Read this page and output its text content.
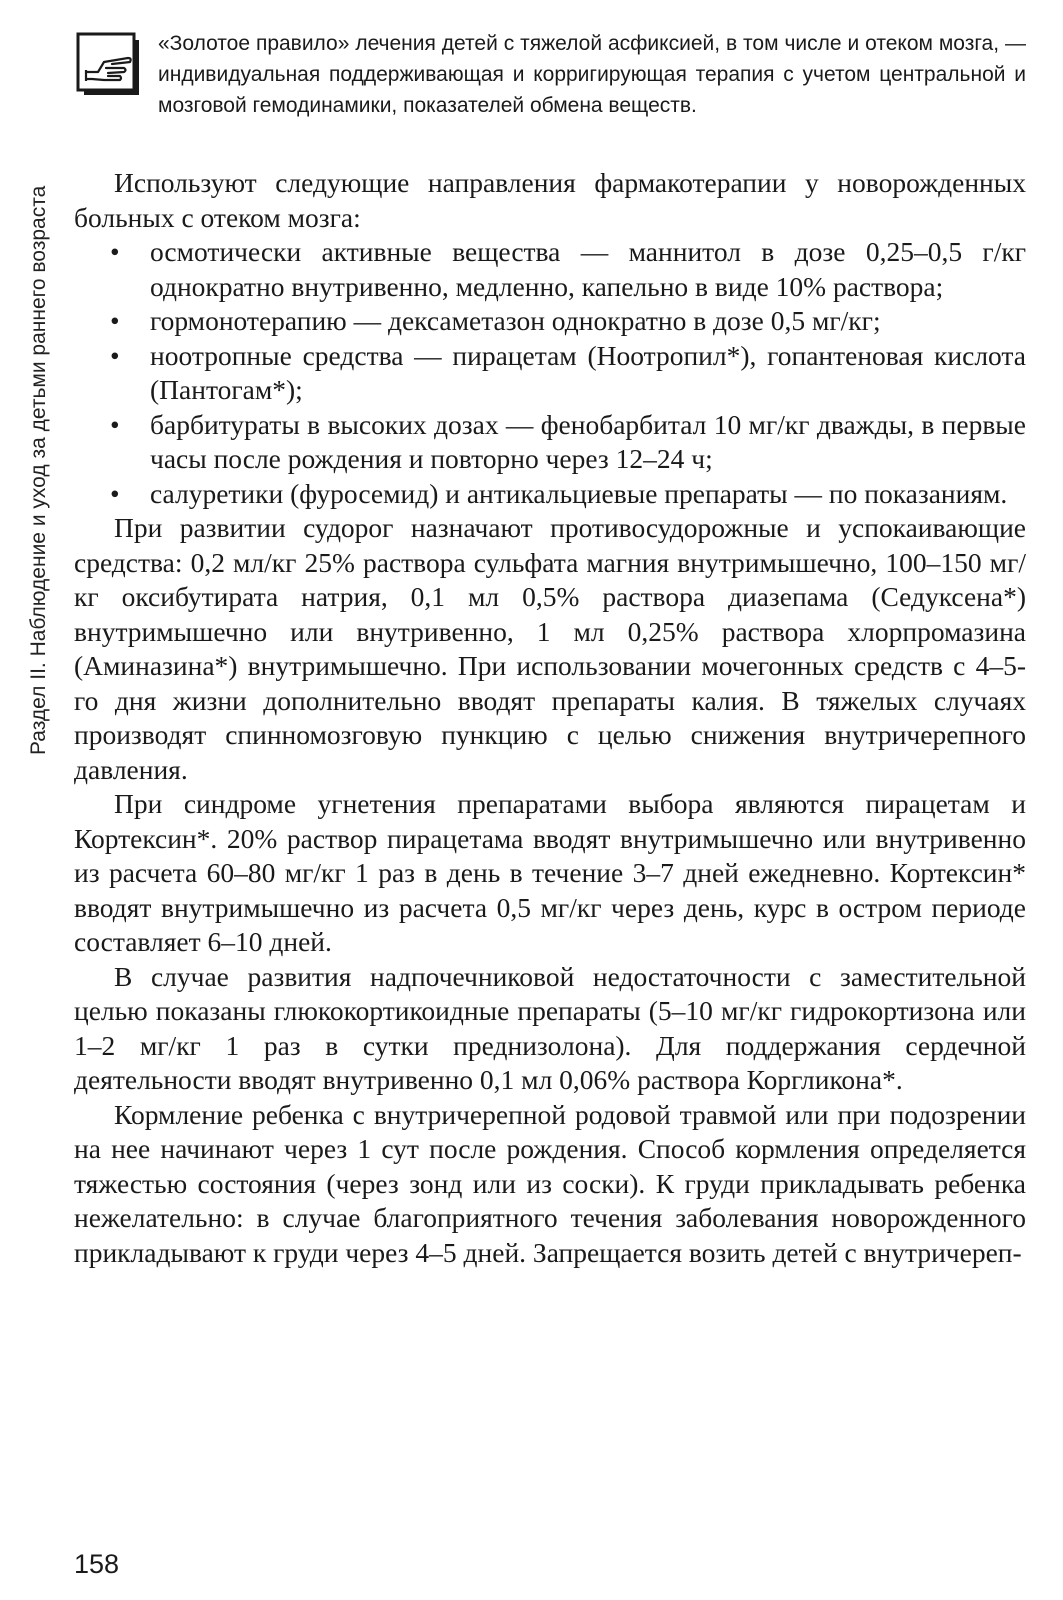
Раздел II. Наблюдение и уход за детьми раннего возраста
«Золотое правило» лечения детей с тяжелой асфиксией, в том числе и отеком мозга, — индивидуальная поддерживающая и корригирующая терапия с учетом центральной и мозговой гемодинамики, показателей обмена веществ.

Используют следующие направления фармакотерапии у новорожденных больных с отеком мозга:

• осмотически активные вещества — маннитол в дозе 0,25–0,5 г/кг однократно внутривенно, медленно, капельно в виде 10% раствора;
• гормонотерапию — дексаметазон однократно в дозе 0,5 мг/кг;
• ноотропные средства — пирацетам (Ноотропил*), гопантеновая кислота (Пантогам*);
• барбитураты в высоких дозах — фенобарбитал 10 мг/кг дважды, в первые часы после рождения и повторно через 12–24 ч;
• салуретики (фуросемид) и антикальциевые препараты — по показаниям.

При развитии судорог назначают противосудорожные и успокаивающие средства: 0,2 мл/кг 25% раствора сульфата магния внутримышечно, 100–150 мг/кг оксибутирата натрия, 0,1 мл 0,5% раствора диазепама (Седуксена*) внутримышечно или внутривенно, 1 мл 0,25% раствора хлорпромазина (Аминазина*) внутримышечно. При использовании мочегонных средств с 4–5-го дня жизни дополнительно вводят препараты калия. В тяжелых случаях производят спинномозговую пункцию с целью снижения внутричерепного давления.

При синдроме угнетения препаратами выбора являются пирацетам и Кортексин*. 20% раствор пирацетама вводят внутримышечно или внутривенно из расчета 60–80 мг/кг 1 раз в день в течение 3–7 дней ежедневно. Кортексин* вводят внутримышечно из расчета 0,5 мг/кг через день, курс в остром периоде составляет 6–10 дней.

В случае развития надпочечниковой недостаточности с заместительной целью показаны глюкокортикоидные препараты (5–10 мг/кг гидрокортизона или 1–2 мг/кг 1 раз в сутки преднизолона). Для поддержания сердечной деятельности вводят внутривенно 0,1 мл 0,06% раствора Коргликона*.

Кормление ребенка с внутричерепной родовой травмой или при подозрении на нее начинают через 1 сут после рождения. Способ кормления определяется тяжестью состояния (через зонд или из соски). К груди прикладывать ребенка нежелательно: в случае благоприятного течения заболевания новорожденного прикладывают к груди через 4–5 дней. Запрещается возить детей с внутричереп-

158
